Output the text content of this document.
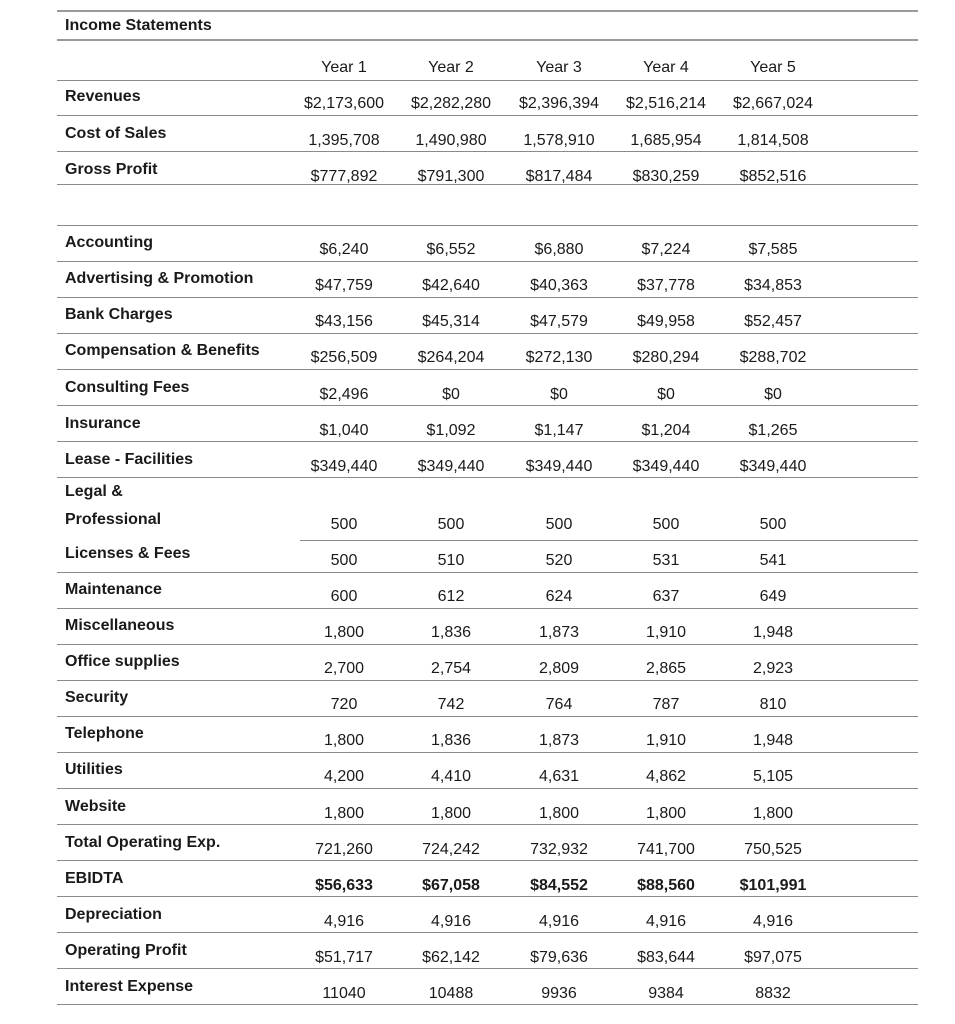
Income Statements
Year 1	Year 2	Year 3	Year 4	Year 5
Revenues	$2,173,600	$2,282,280	$2,396,394	$2,516,214	$2,667,024
Cost of Sales	1,395,708	1,490,980	1,578,910	1,685,954	1,814,508
Gross Profit	$777,892	$791,300	$817,484	$830,259	$852,516
Accounting	$6,240	$6,552	$6,880	$7,224	$7,585
Advertising & Promotion	$47,759	$42,640	$40,363	$37,778	$34,853
Bank Charges	$43,156	$45,314	$47,579	$49,958	$52,457
Compensation & Benefits	$256,509	$264,204	$272,130	$280,294	$288,702
Consulting Fees	$2,496	$0	$0	$0	$0
Insurance	$1,040	$1,092	$1,147	$1,204	$1,265
Lease - Facilities	$349,440	$349,440	$349,440	$349,440	$349,440
Legal &
Professional	500	500	500	500	500
Licenses & Fees	500	510	520	531	541
Maintenance	600	612	624	637	649
Miscellaneous	1,800	1,836	1,873	1,910	1,948
Office supplies	2,700	2,754	2,809	2,865	2,923
Security	720	742	764	787	810
Telephone	1,800	1,836	1,873	1,910	1,948
Utilities	4,200	4,410	4,631	4,862	5,105
Website	1,800	1,800	1,800	1,800	1,800
Total Operating Exp.	721,260	724,242	732,932	741,700	750,525
EBIDTA	$56,633	$67,058	$84,552	$88,560	$101,991
Depreciation	4,916	4,916	4,916	4,916	4,916
Operating Profit	$51,717	$62,142	$79,636	$83,644	$97,075
Interest Expense	11040	10488	9936	9384	8832
